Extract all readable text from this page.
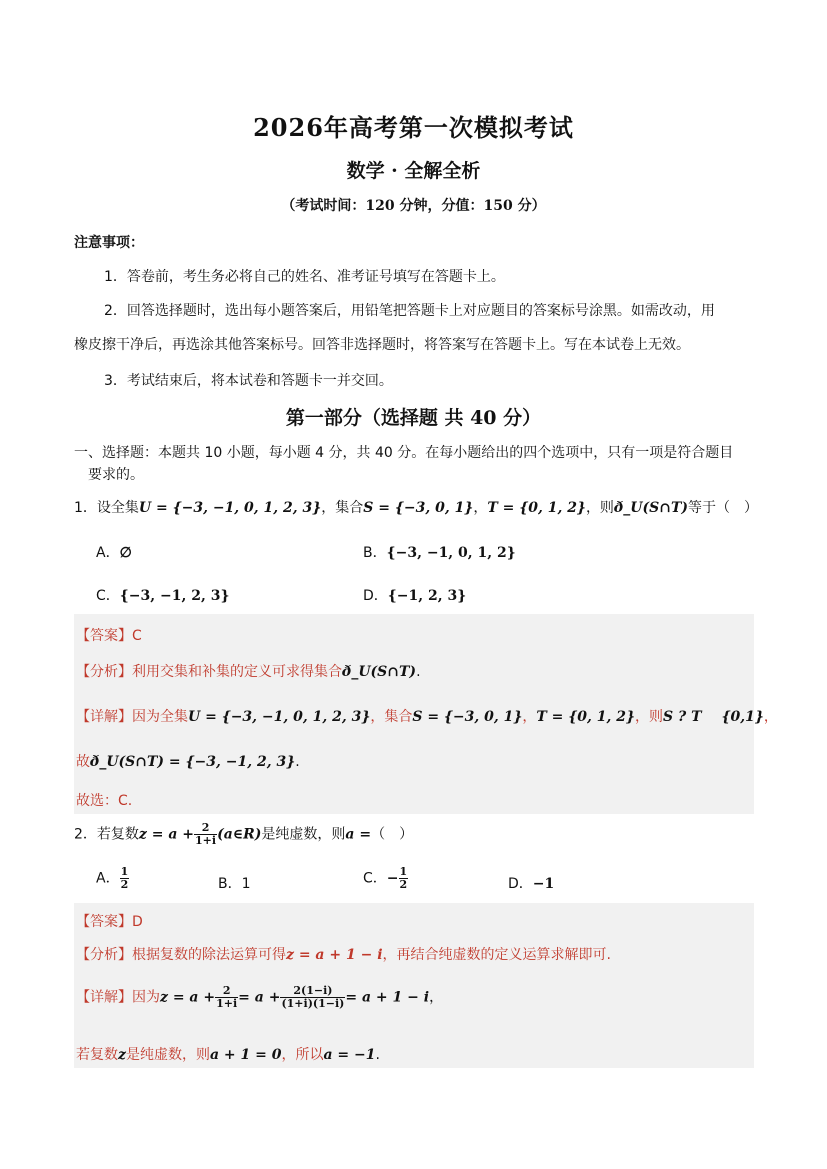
2026年高考第一次模拟考试
数学 · 全解全析
（考试时间：120 分钟，分值：150 分）
注意事项：
1．答卷前，考生务必将自己的姓名、准考证号填写在答题卡上。
2．回答选择题时，选出每小题答案后，用铅笔把答题卡上对应题目的答案标号涂黑。如需改动，用
橡皮擦干净后，再选涂其他答案标号。回答非选择题时，将答案写在答题卡上。写在本试卷上无效。
3．考试结束后，将本试卷和答题卡一并交回。
第一部分（选择题 共 40 分）
一、选择题：本题共 10 小题，每小题 4 分，共 40 分。在每小题给出的四个选项中，只有一项是符合题目
要求的。
1．设全集U = {−3, −1, 0, 1, 2, 3}，集合S = {−3, 0, 1}，T = {0, 1, 2}，则ð_U(S∩T)等于（　）
A．∅	B．{−3, −1, 0, 1, 2}
C．{−3, −1, 2, 3}	D．{−1, 2, 3}
【答案】C
【分析】利用交集和补集的定义可求得集合ð_U(S∩T).
【详解】因为全集U = {−3, −1, 0, 1, 2, 3}，集合S = {−3, 0, 1}，T = {0, 1, 2}，则S ? T {0,1}，
故ð_U(S∩T) = {−3, −1, 2, 3}.
故选：C.
2．若复数$z = a + \frac{2}{1+i}$ (a∈R)是纯虚数，则a =（　）
A． $\frac{1}{2}$	B．1	C．− $\frac{1}{2}$	D．−1
【答案】D
【分析】根据复数的除法运算可得z = a + 1 − i，再结合纯虚数的定义运算求解即可.
【详解】因为$z = a + \frac{2}{1+i} = a + \frac{2(1-i)}{(1+i)(1-i)} = a + 1 - i$，
若复数z是纯虚数，则a + 1 = 0，所以a = −1.
